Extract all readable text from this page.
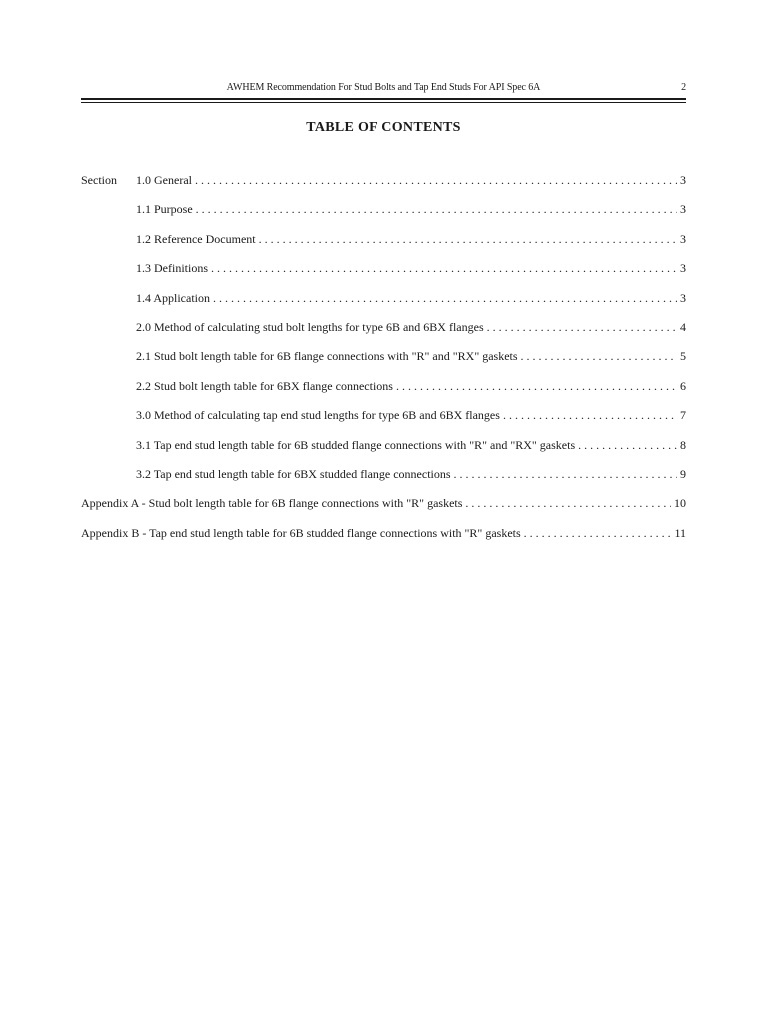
AWHEM Recommendation For Stud Bolts and Tap End Studs For API Spec 6A	2
TABLE OF CONTENTS
Section	1.0 General . . .	3
1.1 Purpose . . .	3
1.2 Reference Document . . .	3
1.3 Definitions . . .	3
1.4 Application . . .	3
2.0 Method of calculating stud bolt lengths for type 6B and 6BX flanges . . .	4
2.1 Stud bolt length table for 6B flange connections with "R" and "RX" gaskets . . .	5
2.2 Stud bolt length table for 6BX flange connections . . .	6
3.0 Method of calculating tap end stud lengths for type 6B and 6BX flanges . . .	7
3.1 Tap end stud length table for 6B studded flange connections with "R" and "RX" gaskets . . .	8
3.2 Tap end stud length table for 6BX studded flange connections . . .	9
Appendix A - Stud bolt length table for 6B flange connections with "R" gaskets . . .	10
Appendix B - Tap end stud length table for 6B studded flange connections with "R" gaskets . . .	11
